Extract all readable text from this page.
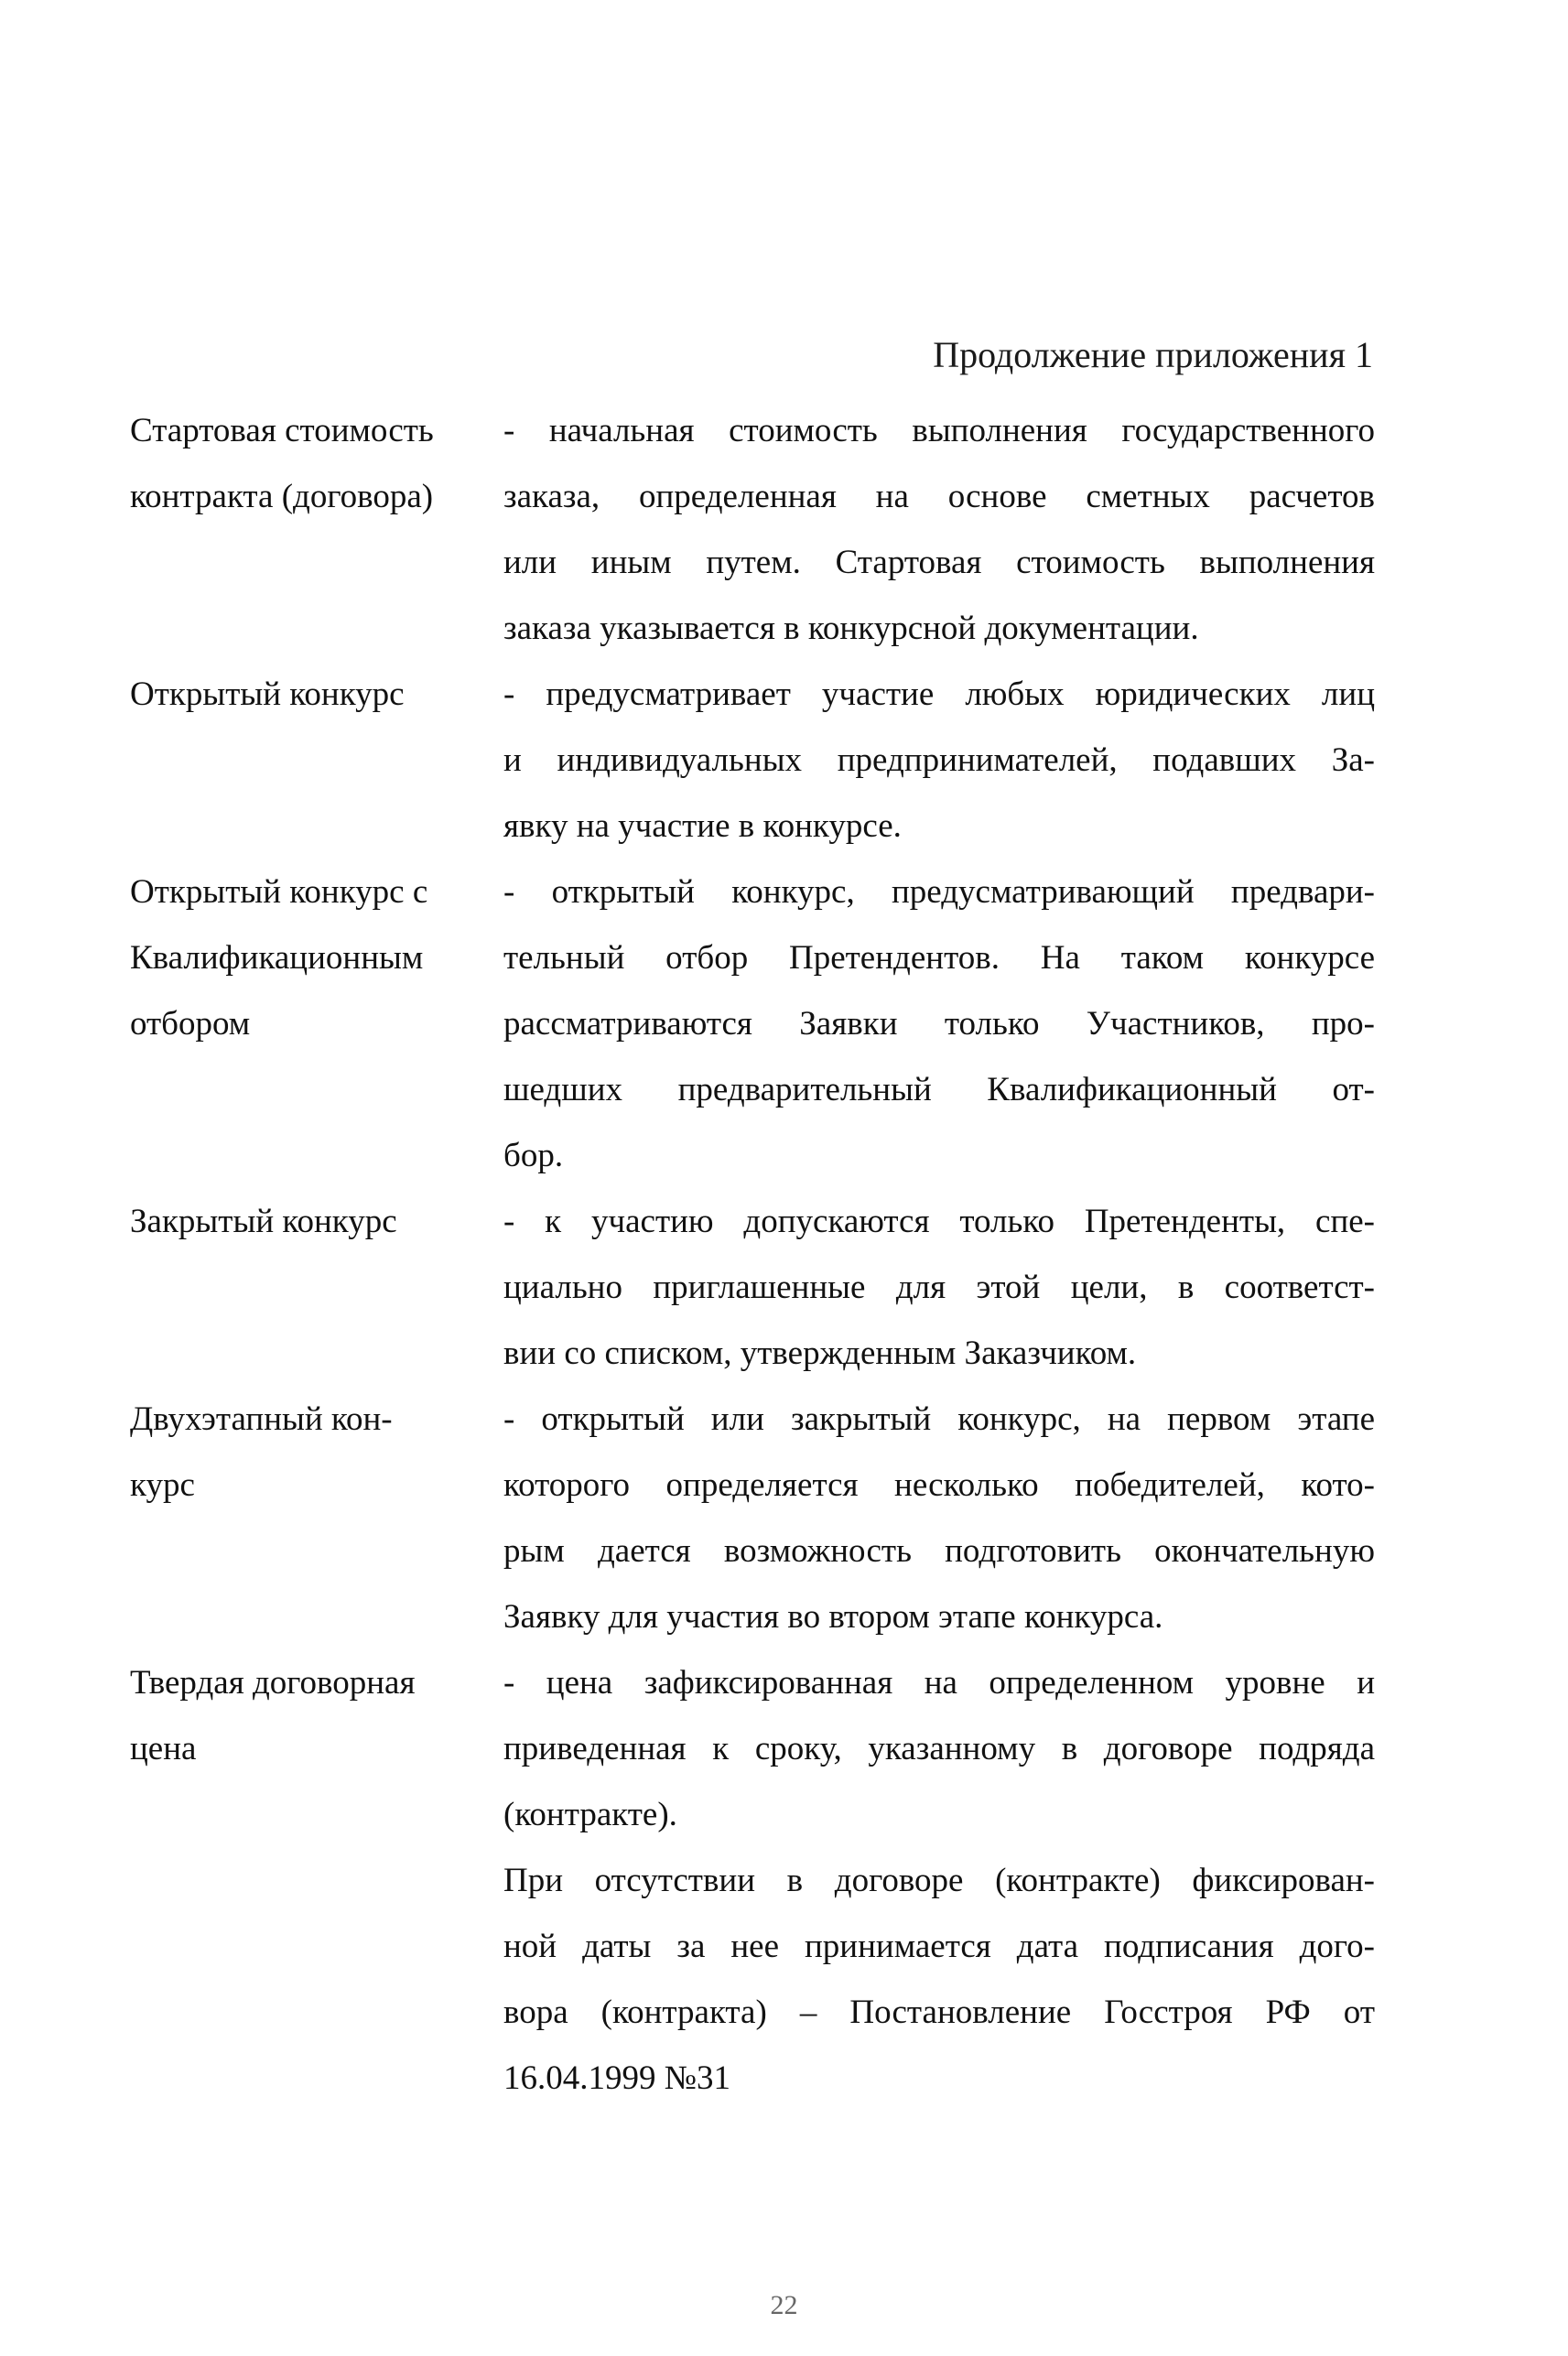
Продолжение приложения 1
Стартовая стоимость
контракта (договора)
- начальная стоимость выполнения государственного
заказа, определенная на основе сметных расчетов
или иным путем. Стартовая стоимость выполнения
заказа указывается в конкурсной документации.
Открытый конкурс	- предусматривает участие любых юридических лиц
и индивидуальных предпринимателей, подавших За-
явку на участие в конкурсе.
Открытый конкурс с
Квалификационным
отбором
- открытый конкурс, предусматривающий предвари-
тельный отбор Претендентов. На таком конкурсе
рассматриваются Заявки только Участников, про-
шедших предварительный Квалификационный от-
бор.
Закрытый конкурс	- к участию допускаются только Претенденты, спе-
циально приглашенные для этой цели, в соответст-
вии со списком, утвержденным Заказчиком.
Двухэтапный кон-
курс
- открытый или закрытый конкурс, на первом этапе
которого определяется несколько победителей, кото-
рым дается возможность подготовить окончательную
Заявку для участия во втором этапе конкурса.
Твердая договорная
цена
- цена зафиксированная на определенном уровне и
приведенная к сроку, указанному в договоре подряда
(контракте).
При отсутствии в договоре (контракте) фиксирован-
ной даты за нее принимается дата подписания дого-
вора (контракта) – Постановление Госстроя РФ от
16.04.1999 №31
22
